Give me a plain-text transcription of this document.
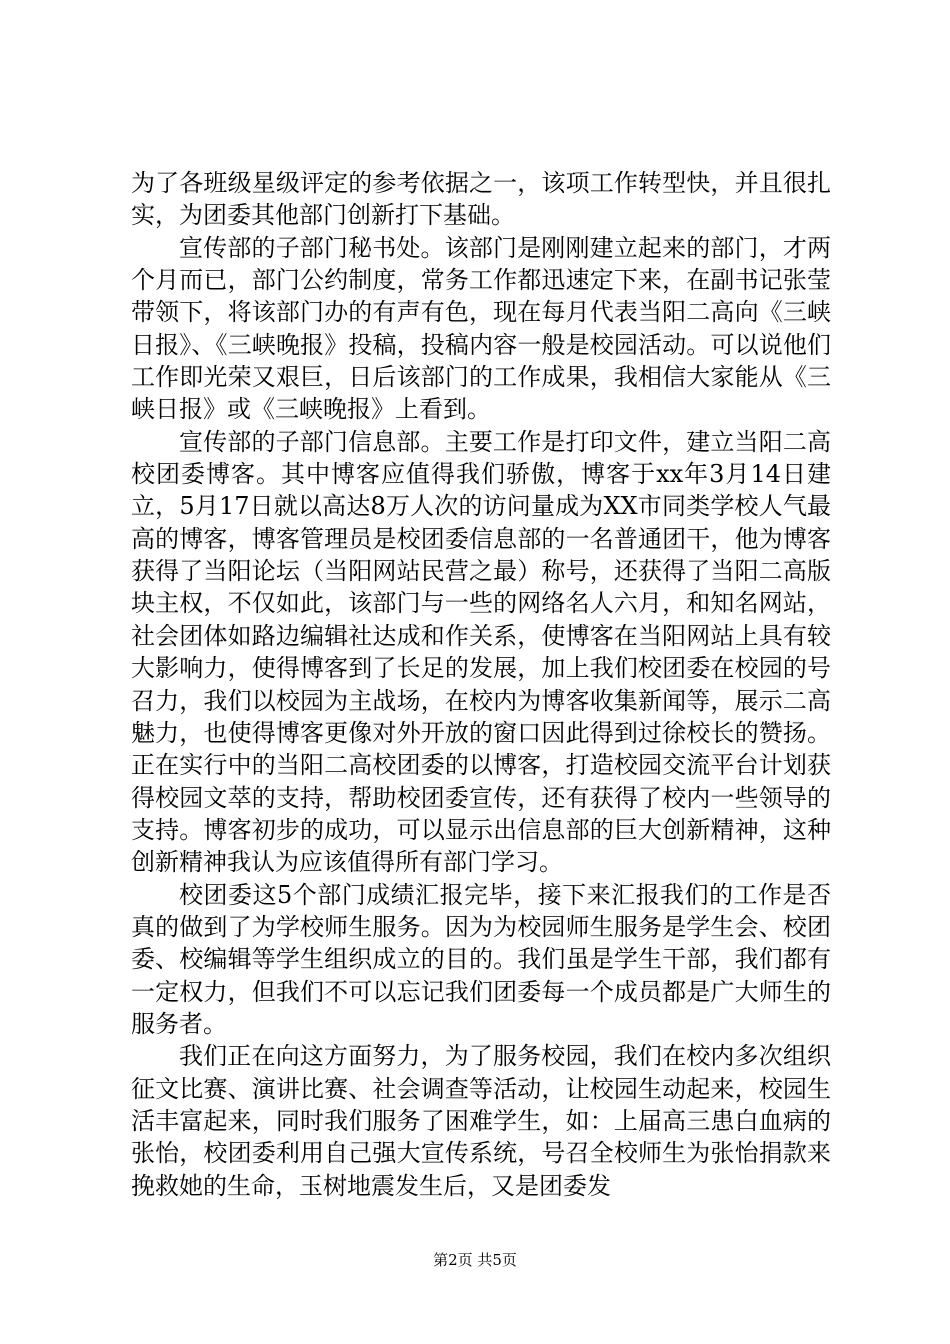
为了各班级星级评定的参考依据之一，该项工作转型快，并且很扎实，为团委其他部门创新打下基础。

宣传部的子部门秘书处。该部门是刚刚建立起来的部门，才两个月而已，部门公约制度，常务工作都迅速定下来，在副书记张莹带领下，将该部门办的有声有色，现在每月代表当阳二高向《三峡日报》、《三峡晚报》投稿，投稿内容一般是校园活动。可以说他们工作即光荣又艰巨，日后该部门的工作成果，我相信大家能从《三峡日报》或《三峡晚报》上看到。

宣传部的子部门信息部。主要工作是打印文件，建立当阳二高校团委博客。其中博客应值得我们骄傲，博客于xx年3月14日建立，5月17日就以高达8万人次的访问量成为XX市同类学校人气最高的博客，博客管理员是校团委信息部的一名普通团干，他为博客获得了当阳论坛（当阳网站民营之最）称号，还获得了当阳二高版块主权，不仅如此，该部门与一些的网络名人六月，和知名网站，社会团体如路边编辑社达成和作关系，使博客在当阳网站上具有较大影响力，使得博客到了长足的发展，加上我们校团委在校园的号召力，我们以校园为主战场，在校内为博客收集新闻等，展示二高魅力，也使得博客更像对外开放的窗口因此得到过徐校长的赞扬。正在实行中的当阳二高校团委的以博客，打造校园交流平台计划获得校园文萃的支持，帮助校团委宣传，还有获得了校内一些领导的支持。博客初步的成功，可以显示出信息部的巨大创新精神，这种创新精神我认为应该值得所有部门学习。

校团委这5个部门成绩汇报完毕，接下来汇报我们的工作是否真的做到了为学校师生服务。因为为校园师生服务是学生会、校团委、校编辑等学生组织成立的目的。我们虽是学生干部，我们都有一定权力，但我们不可以忘记我们团委每一个成员都是广大师生的服务者。

我们正在向这方面努力，为了服务校园，我们在校内多次组织征文比赛、演讲比赛、社会调查等活动，让校园生动起来，校园生活丰富起来，同时我们服务了困难学生，如：上届高三患白血病的张怡，校团委利用自己强大宣传系统，号召全校师生为张怡捐款来挽救她的生命，玉树地震发生后，又是团委发

第2页 共5页
